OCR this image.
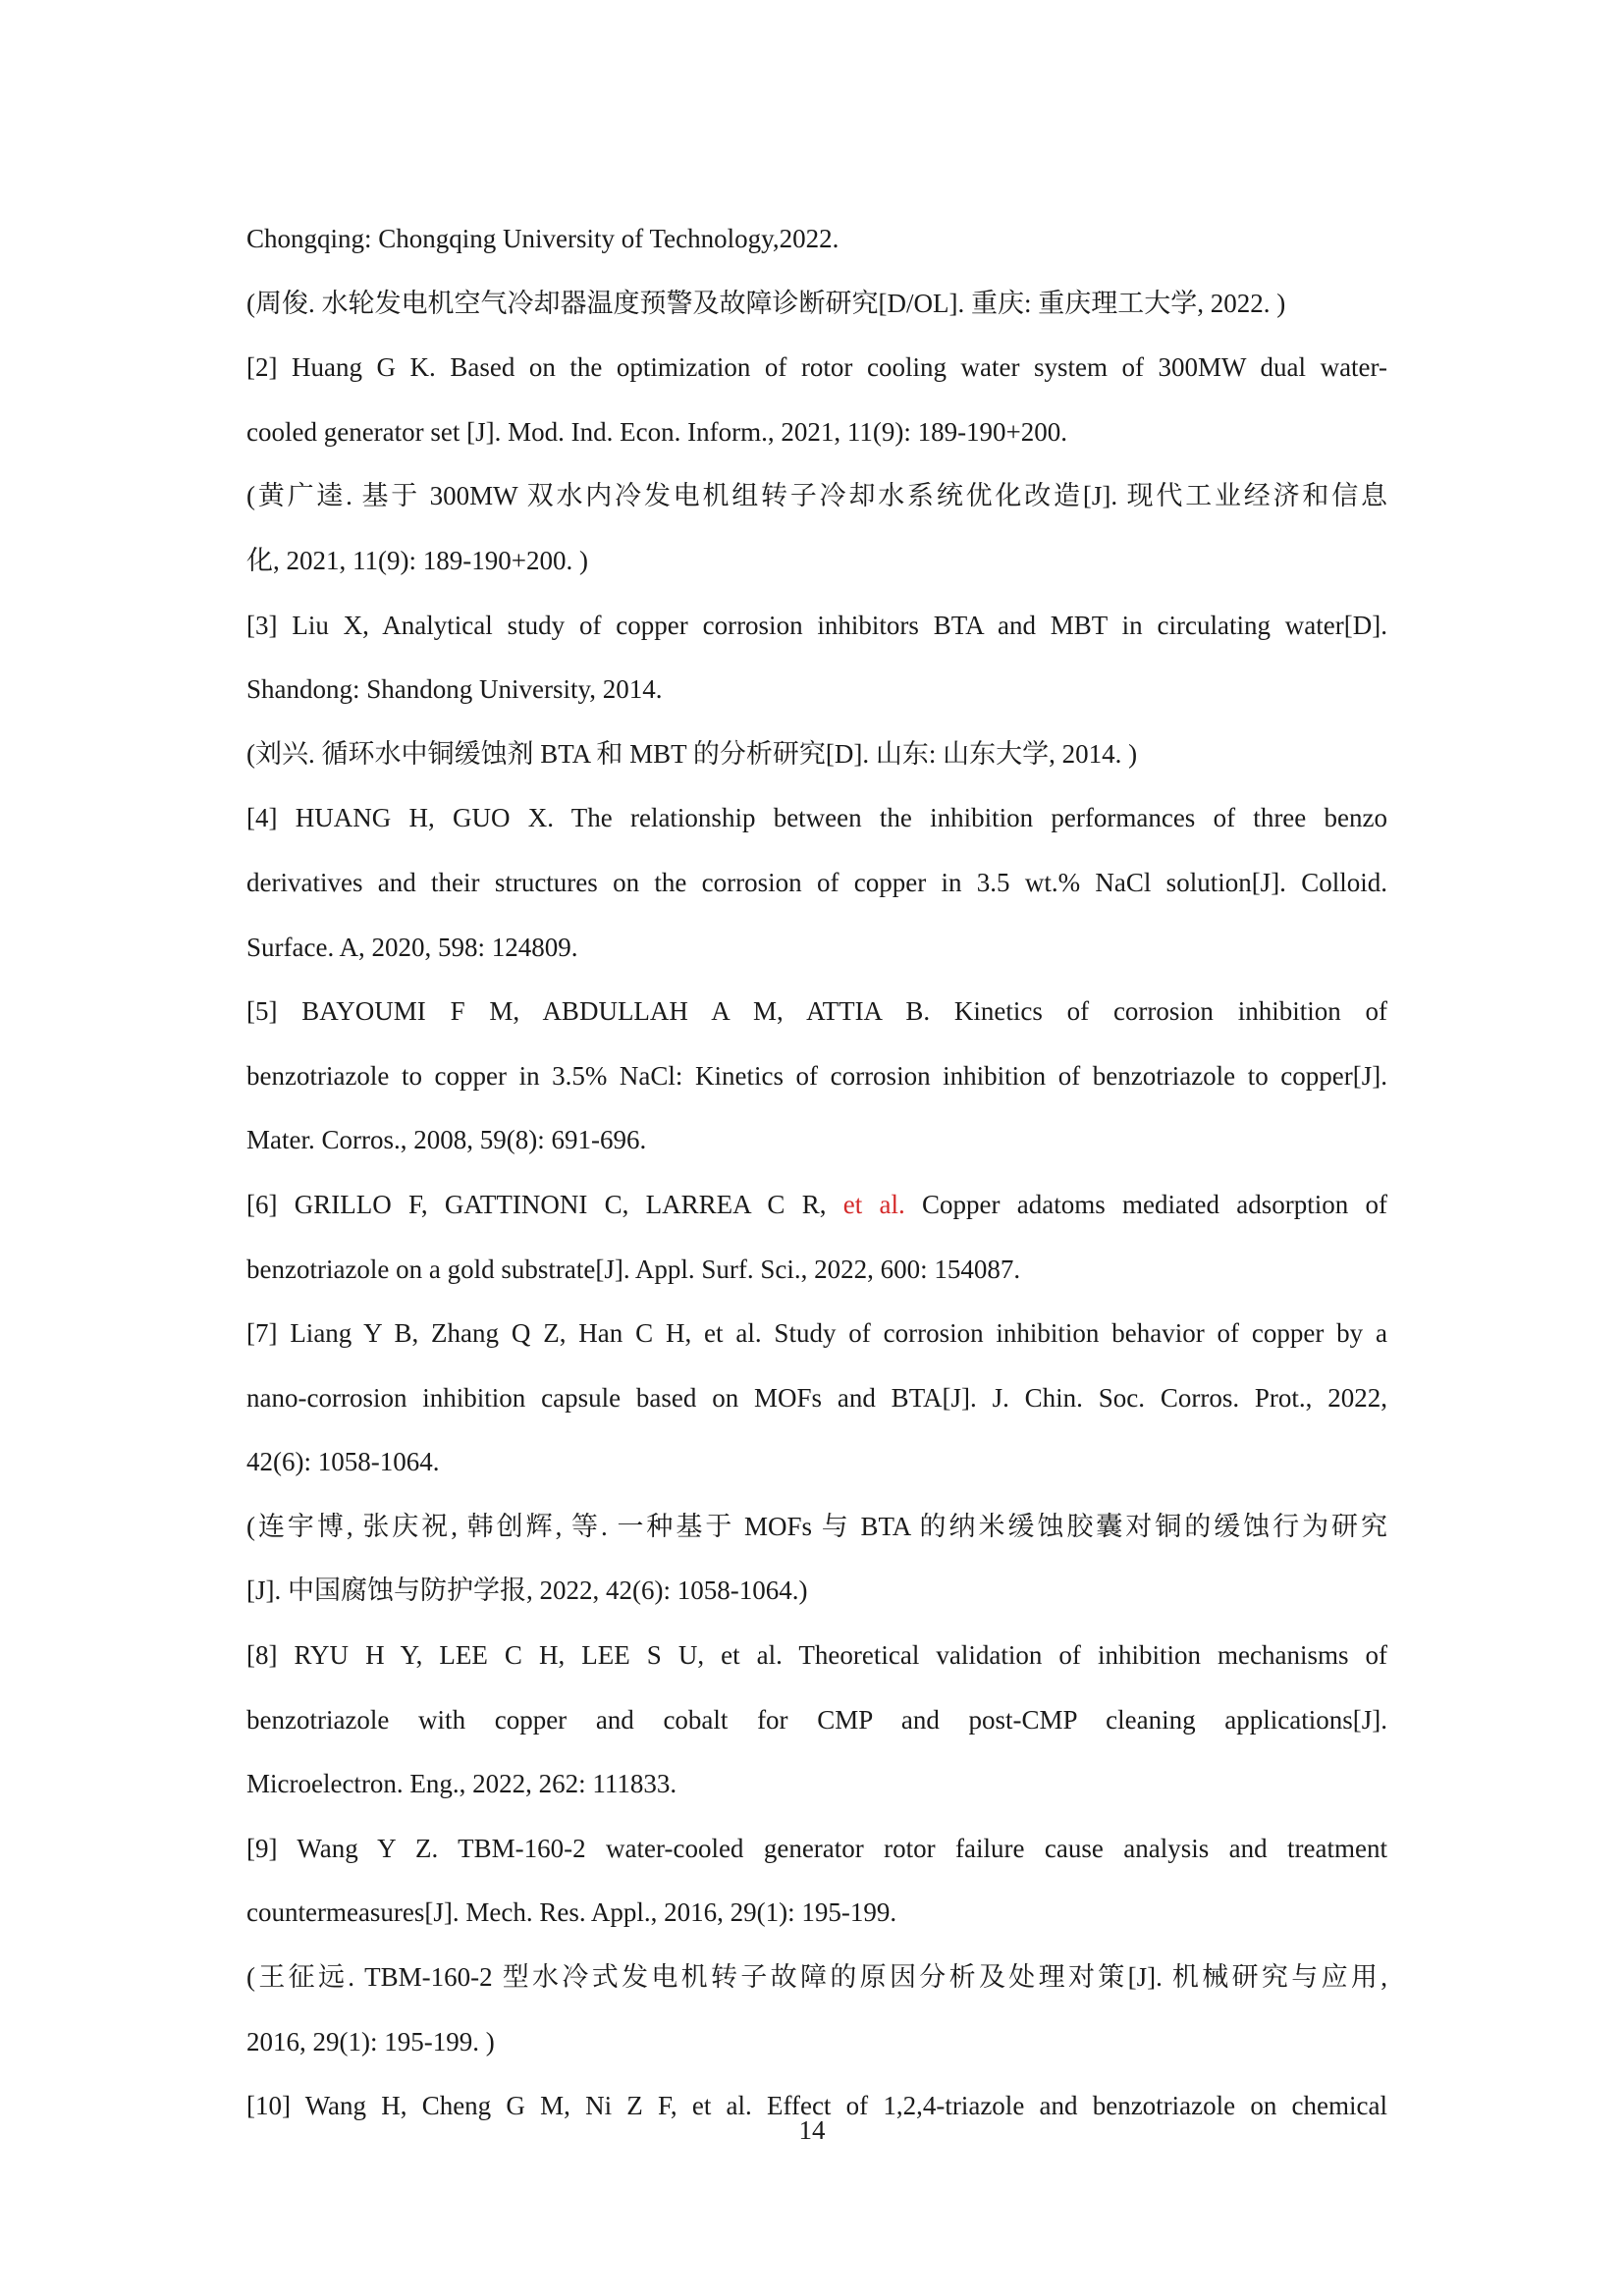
Chongqing: Chongqing University of Technology,2022.
(周俊. 水轮发电机空气冷却器温度预警及故障诊断研究[D/OL]. 重庆: 重庆理工大学, 2022. )
[2] Huang G K. Based on the optimization of rotor cooling water system of 300MW dual water-
cooled generator set [J]. Mod. Ind. Econ. Inform., 2021, 11(9): 189-190+200.
(黄广逵. 基于 300MW 双水内冷发电机组转子冷却水系统优化改造[J]. 现代工业经济和信息
化, 2021, 11(9): 189-190+200. )
[3] Liu X, Analytical study of copper corrosion inhibitors BTA and MBT in circulating water[D].
Shandong: Shandong University, 2014.
(刘兴. 循环水中铜缓蚀剂 BTA 和 MBT 的分析研究[D]. 山东: 山东大学, 2014. )
[4] HUANG H, GUO X. The relationship between the inhibition performances of three benzo
derivatives and their structures on the corrosion of copper in 3.5 wt.% NaCl solution[J]. Colloid.
Surface. A, 2020, 598: 124809.
[5] BAYOUMI F M, ABDULLAH A M, ATTIA B. Kinetics of corrosion inhibition of
benzotriazole to copper in 3.5% NaCl: Kinetics of corrosion inhibition of benzotriazole to copper[J].
Mater. Corros., 2008, 59(8): 691-696.
[6] GRILLO F, GATTINONI C, LARREA C R, et al. Copper adatoms mediated adsorption of
benzotriazole on a gold substrate[J]. Appl. Surf. Sci., 2022, 600: 154087.
[7] Liang Y B, Zhang Q Z, Han C H, et al. Study of corrosion inhibition behavior of copper by a
nano-corrosion inhibition capsule based on MOFs and BTA[J]. J. Chin. Soc. Corros. Prot., 2022,
42(6): 1058-1064.
(连宇博, 张庆祝, 韩创辉, 等. 一种基于 MOFs 与 BTA 的纳米缓蚀胶囊对铜的缓蚀行为研究
[J]. 中国腐蚀与防护学报, 2022, 42(6): 1058-1064.)
[8] RYU H Y, LEE C H, LEE S U, et al. Theoretical validation of inhibition mechanisms of
benzotriazole with copper and cobalt for CMP and post-CMP cleaning applications[J].
Microelectron. Eng., 2022, 262: 111833.
[9] Wang Y Z. TBM-160-2 water-cooled generator rotor failure cause analysis and treatment
countermeasures[J]. Mech. Res. Appl., 2016, 29(1): 195-199.
(王征远. TBM-160-2 型水冷式发电机转子故障的原因分析及处理对策[J]. 机械研究与应用,
2016, 29(1): 195-199. )
[10] Wang H, Cheng G M, Ni Z F, et al. Effect of 1,2,4-triazole and benzotriazole on chemical
14
